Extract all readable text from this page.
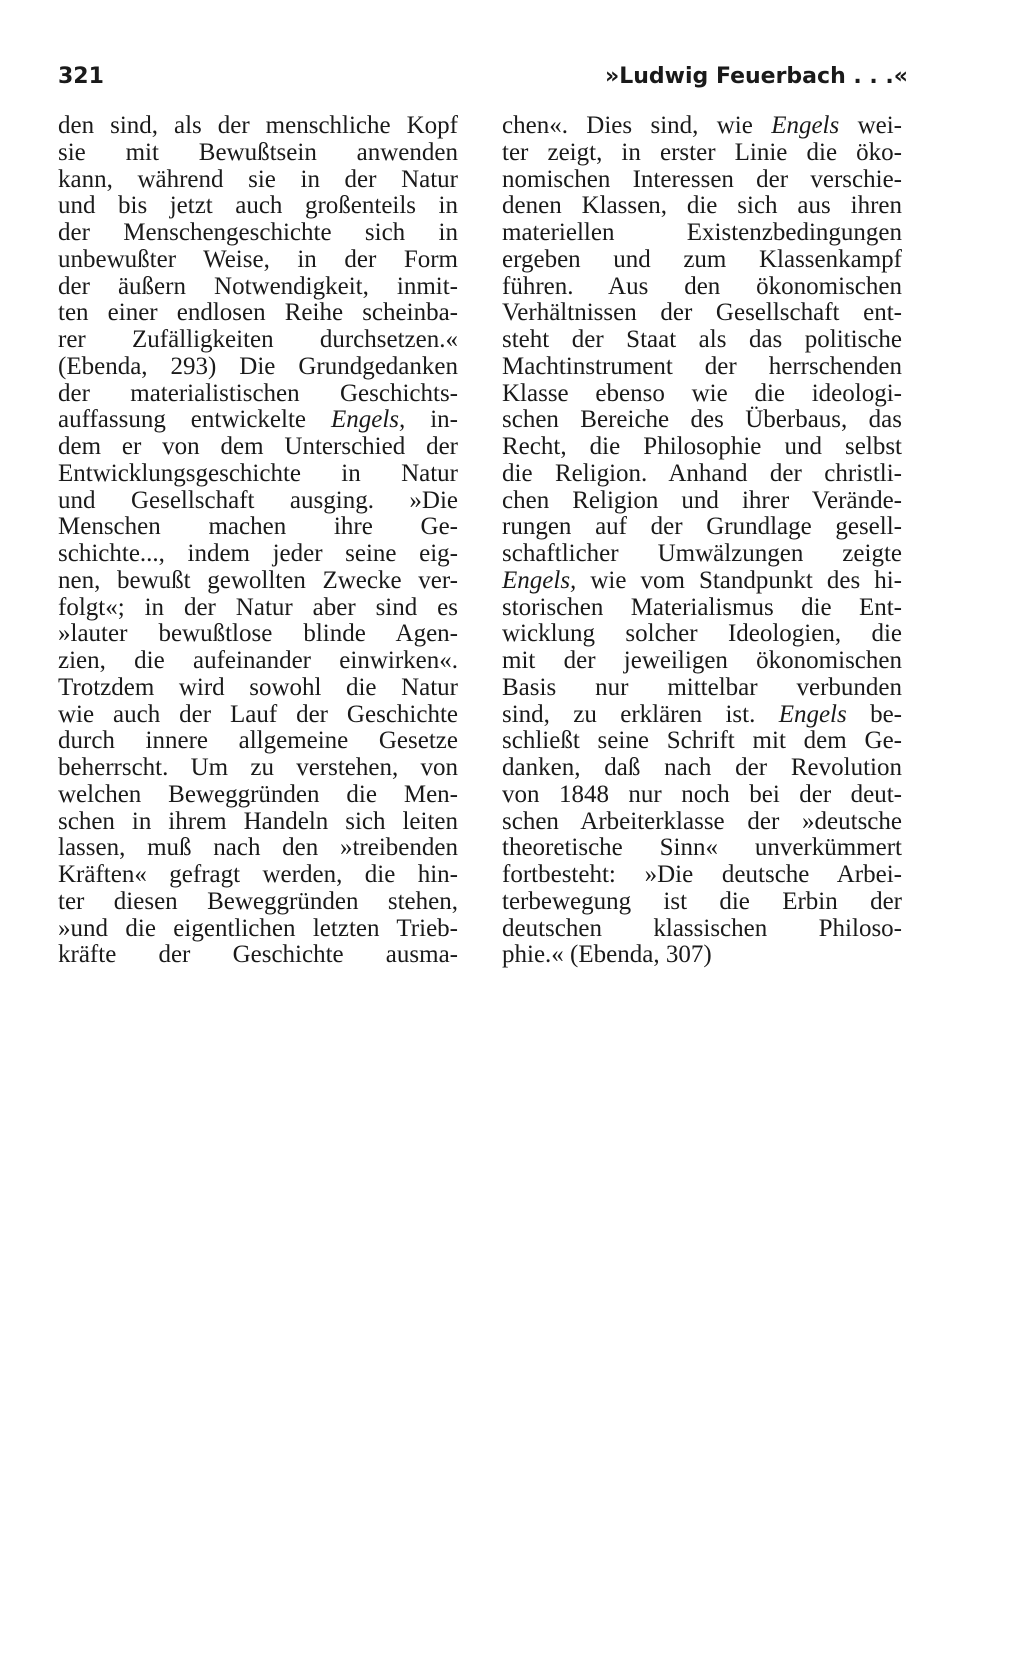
321	»Ludwig Feuerbach . . .«
den sind, als der menschliche Kopf
sie mit Bewußtsein anwenden
kann, während sie in der Natur
und bis jetzt auch großenteils in
der Menschengeschichte sich in
unbewußter Weise, in der Form
der äußern Notwendigkeit, inmit-
ten einer endlosen Reihe scheinba-
rer Zufälligkeiten durchsetzen.«
(Ebenda, 293) Die Grundgedanken
der materialistischen Geschichts-
auffassung entwickelte Engels, in-
dem er von dem Unterschied der
Entwicklungsgeschichte in Natur
und Gesellschaft ausging. »Die
Menschen machen ihre Ge-
schichte..., indem jeder seine eig-
nen, bewußt gewollten Zwecke ver-
folgt«; in der Natur aber sind es
»lauter bewußtlose blinde Agen-
zien, die aufeinander einwirken«.
Trotzdem wird sowohl die Natur
wie auch der Lauf der Geschichte
durch innere allgemeine Gesetze
beherrscht. Um zu verstehen, von
welchen Beweggründen die Men-
schen in ihrem Handeln sich leiten
lassen, muß nach den »treibenden
Kräften« gefragt werden, die hin-
ter diesen Beweggründen stehen,
»und die eigentlichen letzten Trieb-
kräfte der Geschichte ausma-
chen«. Dies sind, wie Engels wei-
ter zeigt, in erster Linie die öko-
nomischen Interessen der verschie-
denen Klassen, die sich aus ihren
materiellen Existenzbedingungen
ergeben und zum Klassenkampf
führen. Aus den ökonomischen
Verhältnissen der Gesellschaft ent-
steht der Staat als das politische
Machtinstrument der herrschenden
Klasse ebenso wie die ideologi-
schen Bereiche des Überbaus, das
Recht, die Philosophie und selbst
die Religion. Anhand der christli-
chen Religion und ihrer Verände-
rungen auf der Grundlage gesell-
schaftlicher Umwälzungen zeigte
Engels, wie vom Standpunkt des hi-
storischen Materialismus die Ent-
wicklung solcher Ideologien, die
mit der jeweiligen ökonomischen
Basis nur mittelbar verbunden
sind, zu erklären ist. Engels be-
schließt seine Schrift mit dem Ge-
danken, daß nach der Revolution
von 1848 nur noch bei der deut-
schen Arbeiterklasse der »deutsche
theoretische Sinn« unverkümmert
fortbesteht: »Die deutsche Arbei-
terbewegung ist die Erbin der
deutschen klassischen Philoso-
phie.« (Ebenda, 307)
